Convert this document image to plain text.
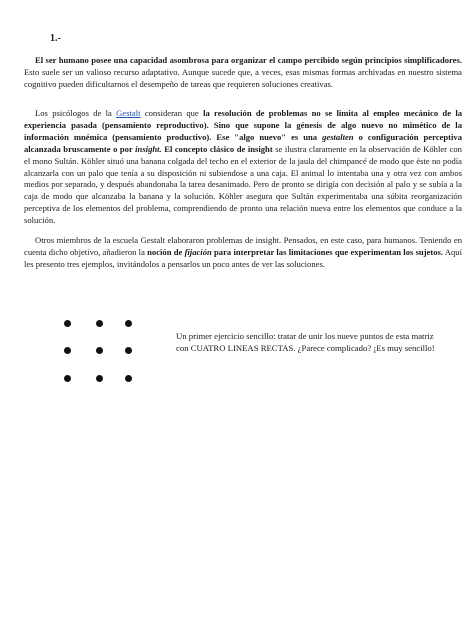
1.-

El ser humano posee una capacidad asombrosa para organizar el campo percibido según principios simplificadores. Esto suele ser un valioso recurso adaptativo. Aunque sucede que, a veces, esas mismas formas archivadas en nuestro sistema cognitivo pueden dificultarnos el desempeño de tareas que requieren soluciones creativas.

Los psicólogos de la Gestalt consideran que la resolución de problemas no se limita al empleo mecánico de la experiencia pasada (pensamiento reproductivo). Sino que supone la génesis de algo nuevo no mimético de la información mnémica (pensamiento productivo). Ese "algo nuevo" es una gestalten o configuración perceptiva alcanzada bruscamente o por insight. El concepto clásico de insight se ilustra claramente en la observación de Köhler con el mono Sultán. Köhler situó una banana colgada del techo en el exterior de la jaula del chimpancé de modo que éste no podía alcanzarla con un palo que tenía a su disposición ni subiendose a una caja. El animal lo intentaba una y otra vez con ambos medios por separado, y después abandonaba la tarea desanimado. Pero de pronto se dirigía con decisión al palo y se subía a la caja de modo que alcanzaba la banana y la solución. Köhler asegura que Sultán experimentaba una súbita reorganización perceptiva de los elementos del problema, comprendiendo de pronto una relación nueva entre los elementos que conduce a la solución.

Otros miembros de la escuela Gestalt elaboraron problemas de insight. Pensados, en este caso, para humanos. Teniendo en cuenta dicho objetivo, añadieron la noción de fijación para interpretar las limitaciones que experimentan los sujetos. Aquí les presento tres ejemplos, invitándolos a pensarlos un poco antes de ver las soluciones.

Un primer ejercicio sencillo: tratar de unir los nueve puntos de esta matriz con CUATRO LINEAS RECTAS. ¿Parece complicado? ¡Es muy sencillo!
